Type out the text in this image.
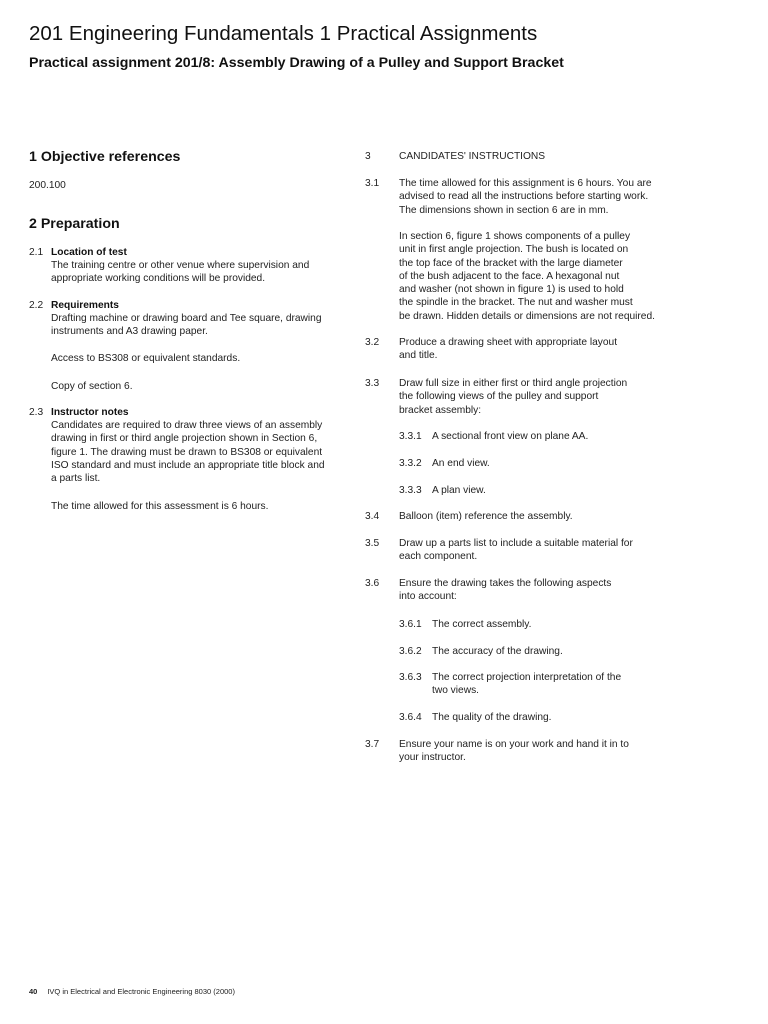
201 Engineering Fundamentals 1 Practical Assignments
Practical assignment 201/8: Assembly Drawing of a Pulley and Support Bracket
1 Objective references
200.100
2 Preparation
2.1 Location of test
The training centre or other venue where supervision and
appropriate working conditions will be provided.
2.2 Requirements
Drafting machine or drawing board and Tee square, drawing
instruments and A3 drawing paper.
Access to BS308 or equivalent standards.
Copy of section 6.
2.3 Instructor notes
Candidates are required to draw three views of an assembly
drawing in first or third angle projection shown in Section 6,
figure 1. The drawing must be drawn to BS308 or equivalent
ISO standard and must include an appropriate title block and
a parts list.
The time allowed for this assessment is 6 hours.
3	CANDIDATES' INSTRUCTIONS
3.1 The time allowed for this assignment is 6 hours. You are
advised to read all the instructions before starting work.
The dimensions shown in section 6 are in mm.
In section 6, figure 1 shows components of a pulley
unit in first angle projection. The bush is located on
the top face of the bracket with the large diameter
of the bush adjacent to the face. A hexagonal nut
and washer (not shown in figure 1) is used to hold
the spindle in the bracket. The nut and washer must
be drawn. Hidden details or dimensions are not required.
3.2 Produce a drawing sheet with appropriate layout
and title.
3.3 Draw full size in either first or third angle projection
the following views of the pulley and support
bracket assembly:
3.3.1 A sectional front view on plane AA.
3.3.2 An end view.
3.3.3 A plan view.
3.4 Balloon (item) reference the assembly.
3.5 Draw up a parts list to include a suitable material for
each component.
3.6 Ensure the drawing takes the following aspects
into account:
3.6.1 The correct assembly.
3.6.2 The accuracy of the drawing.
3.6.3 The correct projection interpretation of the
two views.
3.6.4 The quality of the drawing.
3.7 Ensure your name is on your work and hand it in to
your instructor.
40 IVQ in Electrical and Electronic Engineering 8030 (2000)
